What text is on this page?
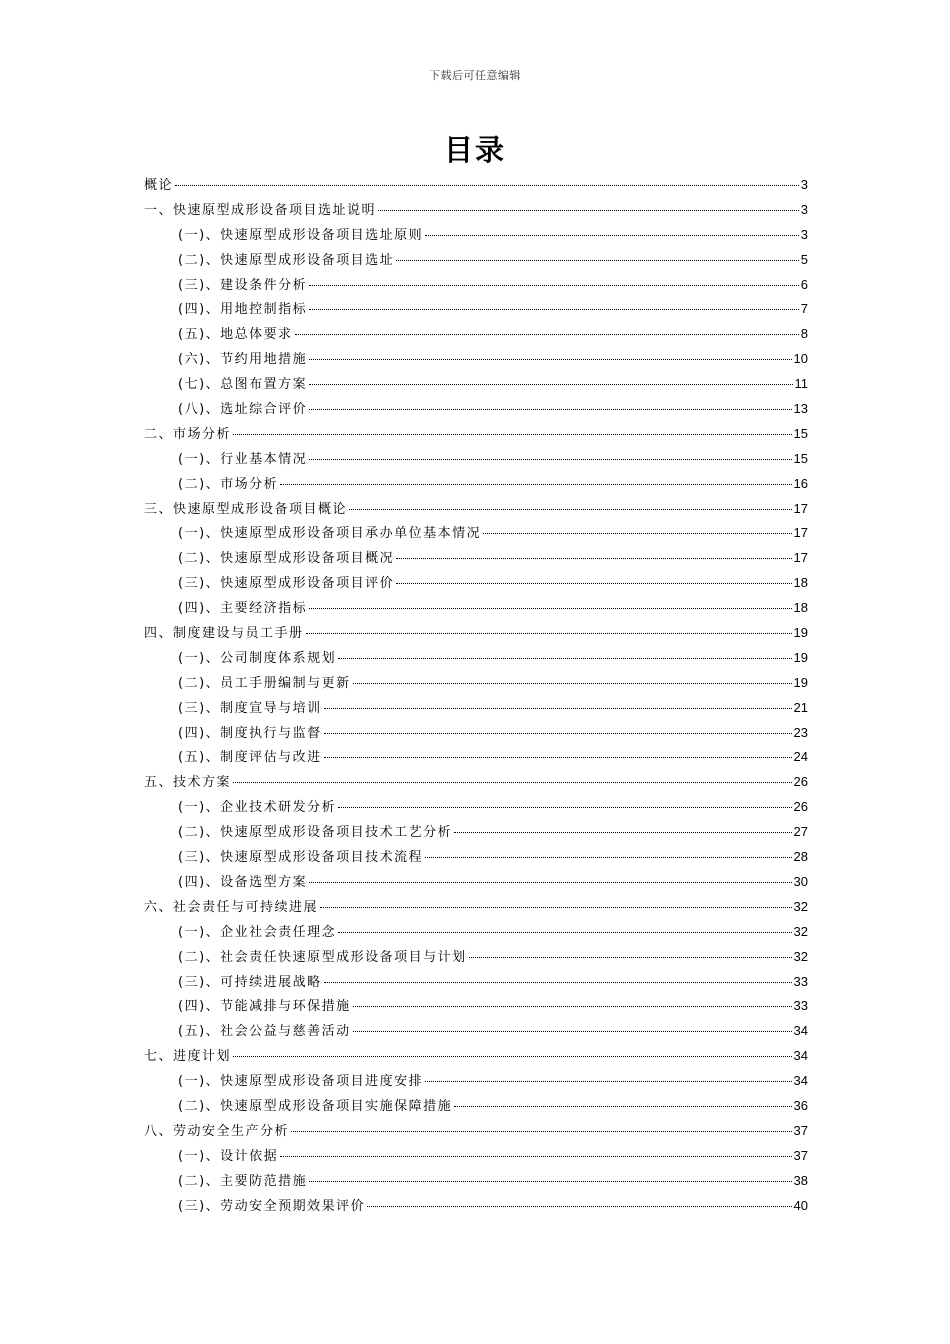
下载后可任意编辑
目录
概论	3
一、快速原型成形设备项目选址说明	3
(一)、快速原型成形设备项目选址原则	3
(二)、快速原型成形设备项目选址	5
(三)、建设条件分析	6
(四)、用地控制指标	7
(五)、地总体要求	8
(六)、节约用地措施	10
(七)、总图布置方案	11
(八)、选址综合评价	13
二、市场分析	15
(一)、行业基本情况	15
(二)、市场分析	16
三、快速原型成形设备项目概论	17
(一)、快速原型成形设备项目承办单位基本情况	17
(二)、快速原型成形设备项目概况	17
(三)、快速原型成形设备项目评价	18
(四)、主要经济指标	18
四、制度建设与员工手册	19
(一)、公司制度体系规划	19
(二)、员工手册编制与更新	19
(三)、制度宣导与培训	21
(四)、制度执行与监督	23
(五)、制度评估与改进	24
五、技术方案	26
(一)、企业技术研发分析	26
(二)、快速原型成形设备项目技术工艺分析	27
(三)、快速原型成形设备项目技术流程	28
(四)、设备选型方案	30
六、社会责任与可持续进展	32
(一)、企业社会责任理念	32
(二)、社会责任快速原型成形设备项目与计划	32
(三)、可持续进展战略	33
(四)、节能减排与环保措施	33
(五)、社会公益与慈善活动	34
七、进度计划	34
(一)、快速原型成形设备项目进度安排	34
(二)、快速原型成形设备项目实施保障措施	36
八、劳动安全生产分析	37
(一)、设计依据	37
(二)、主要防范措施	38
(三)、劳动安全预期效果评价	40
